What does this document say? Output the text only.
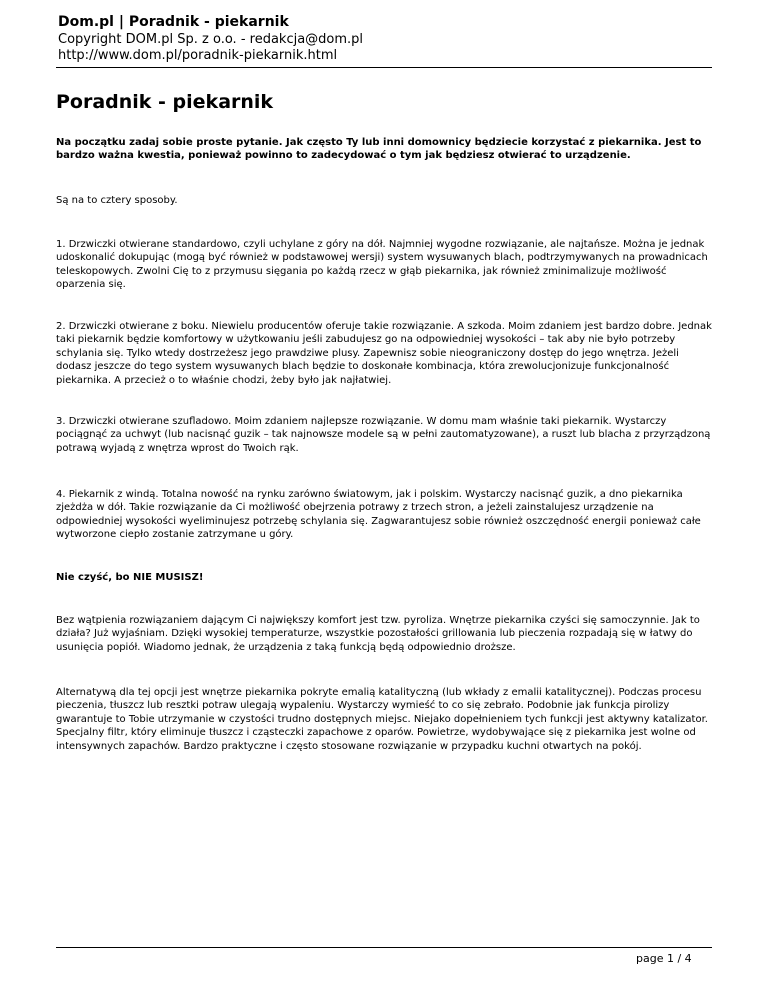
Dom.pl | Poradnik - piekarnik
Copyright DOM.pl Sp. z o.o. - redakcja@dom.pl
http://www.dom.pl/poradnik-piekarnik.html
Poradnik - piekarnik

Na początku zadaj sobie proste pytanie. Jak często Ty lub inni domownicy będziecie korzystać z piekarnika. Jest to bardzo ważna kwestia, ponieważ powinno to zadecydować o tym jak będziesz otwierać to urządzenie.

Są na to cztery sposoby.

1. Drzwiczki otwierane standardowo, czyli uchylane z góry na dół. Najmniej wygodne rozwiązanie, ale najtańsze. Można je jednak udoskonalić dokupując (mogą być również w podstawowej wersji) system wysuwanych blach, podtrzymywanych na prowadnicach teleskopowych. Zwolni Cię to z przymusu sięgania po każdą rzecz w głąb piekarnika, jak również zminimalizuje możliwość oparzenia się.

2. Drzwiczki otwierane z boku. Niewielu producentów oferuje takie rozwiązanie. A szkoda. Moim zdaniem jest bardzo dobre. Jednak taki piekarnik będzie komfortowy w użytkowaniu jeśli zabudujesz go na odpowiedniej wysokości – tak aby nie było potrzeby schylania się. Tylko wtedy dostrzeżesz jego prawdziwe plusy. Zapewnisz sobie nieograniczony dostęp do jego wnętrza. Jeżeli dodasz jeszcze do tego system wysuwanych blach będzie to doskonałe kombinacja, która zrewolucjonizuje funkcjonalność piekarnika. A przecież o to właśnie chodzi, żeby było jak najłatwiej.

3. Drzwiczki otwierane szufladowo. Moim zdaniem najlepsze rozwiązanie. W domu mam właśnie taki piekarnik. Wystarczy pociągnąć za uchwyt (lub nacisnąć guzik – tak najnowsze modele są w pełni zautomatyzowane), a ruszt lub blacha z przyrządzoną potrawą wyjadą z wnętrza wprost do Twoich rąk.

4. Piekarnik z windą. Totalna nowość na rynku zarówno światowym, jak i polskim. Wystarczy nacisnąć guzik, a dno piekarnika zjeżdża w dół. Takie rozwiązanie da Ci możliwość obejrzenia potrawy z trzech stron, a jeżeli zainstalujesz urządzenie na odpowiedniej wysokości wyeliminujesz potrzebę schylania się. Zagwarantujesz sobie również oszczędność energii ponieważ całe wytworzone ciepło zostanie zatrzymane u góry.

Nie czyść, bo NIE MUSISZ!

Bez wątpienia rozwiązaniem dającym Ci największy komfort jest tzw. pyroliza. Wnętrze piekarnika czyści się samoczynnie. Jak to działa? Już wyjaśniam. Dzięki wysokiej temperaturze, wszystkie pozostałości grillowania lub pieczenia rozpadają się w łatwy do usunięcia popiół. Wiadomo jednak, że urządzenia z taką funkcją będą odpowiednio droższe.

Alternatywą dla tej opcji jest wnętrze piekarnika pokryte emalią katalityczną (lub wkłady z emalii katalitycznej). Podczas procesu pieczenia, tłuszcz lub resztki potraw ulegają wypaleniu. Wystarczy wymieść to co się zebrało. Podobnie jak funkcja pirolizy gwarantuje to Tobie utrzymanie w czystości trudno dostępnych miejsc. Niejako dopełnieniem tych funkcji jest aktywny katalizator. Specjalny filtr, który eliminuje tłuszcz i cząsteczki zapachowe z oparów. Powietrze, wydobywające się z piekarnika jest wolne od intensywnych zapachów. Bardzo praktyczne i często stosowane rozwiązanie w przypadku kuchni otwartych na pokój.

page 1 / 4
